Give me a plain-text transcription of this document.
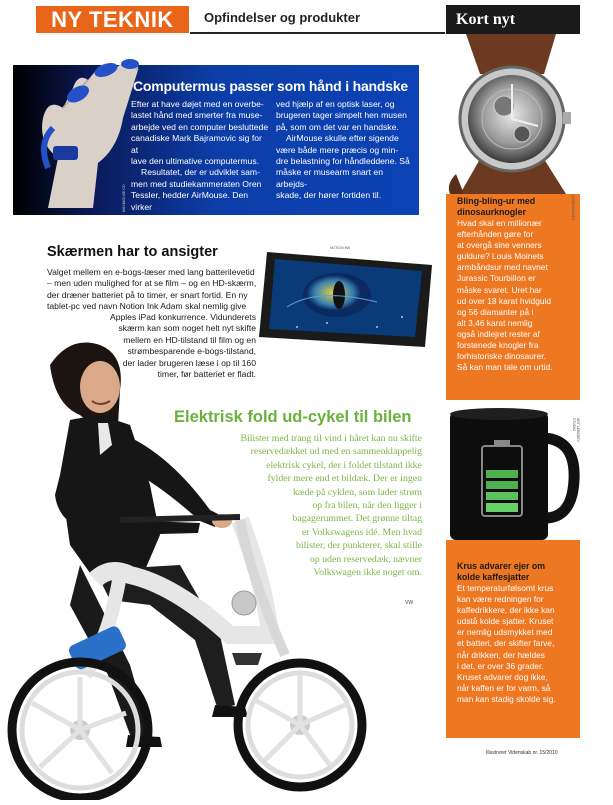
NY TEKNIK	Opfindelser og produkter	Kort nyt
LOUIS MOINET
Bling-bling-ur med
dinosaurknogler
Hvad skal en millionær
efterhånden gøre for
at overgå sine venners
guldure? Louis Moinets
armbåndsur med navnet
Jurassic Tourbillon er
måske svaret. Uret har
ud over 18 karat hvidguld
og 56 diamanter på i
alt 3,46 karat nemlig
også indlejret rester af
forstenede knogler fra
forhistoriske dinosaurer.
Så kan man tale om urtid.
ART LEBEDEV STUDIO
Krus advarer ejer om
kolde kaffesjatter
Et temperaturfølsomt krus
kan være redningen for
kaffedrikkere, der ikke kan
udstå kolde sjatter. Kruset
er nemlig udsmykket med
et batteri, der skifter farve,
når drikken, der hældes
i det, er over 36 grader.
Kruset advarer dog ikke,
når kaffen er for varm, så
man kan stadig skolde sig.
MAXIMOUSE.CO
Computermus passer som hånd i handske
Efter at have døjet med en overbe-
lastet hånd med smerter fra muse-
arbejde ved en computer besluttede
canadiske Mark Bajramovic sig for at
lave den ultimative computermus.
Resultatet, der er udviklet sam-
men med studiekammeraten Oren
Tessler, hedder AirMouse. Den virker
ved hjælp af en optisk laser, og
brugeren tager simpelt hen musen
på, som om det var en handske.
AirMouse skulle efter sigende
være både mere præcis og min-
dre belastning for håndleddene. Så
måske er musearm snart en arbejds-
skade, der hører fortiden til.
Skærmen har to ansigter	NOTION INK
Valget mellem en e-bogs-læser med lang batterilevetid
– men uden mulighed for at se film – og en HD-skærm,
der dræner batteriet på to timer, er snart fortid. En ny
tablet-pc ved navn Notion Ink Adam skal nemlig give
Apples iPad konkurrence. Vidunderets
skærm kan som noget helt nyt skifte
mellem en HD-tilstand til film og en
strømbesparende e-bogs-tilstand,
der lader brugeren læse i op til 160
timer, før batteriet er fladt.
Elektrisk fold ud-cykel til bilen
Bilister med trang til vind i håret kan nu skifte
reservedækket ud med en sammenklappelig
elektrisk cykel, der i foldet tilstand ikke
fylder mere end et bildæk. Der er ingen
kæde på cyklen, som lader strøm
op fra bilen, når den ligger i
bagagerummet. Det grønne tiltag
er Volkswagens idé. Men hvad
bilister, der punkterer, skal stille
op uden reservedæk, nævner
Volkswagen ikke noget om.
VW
Illustreret Videnskab nr. 15/2010
